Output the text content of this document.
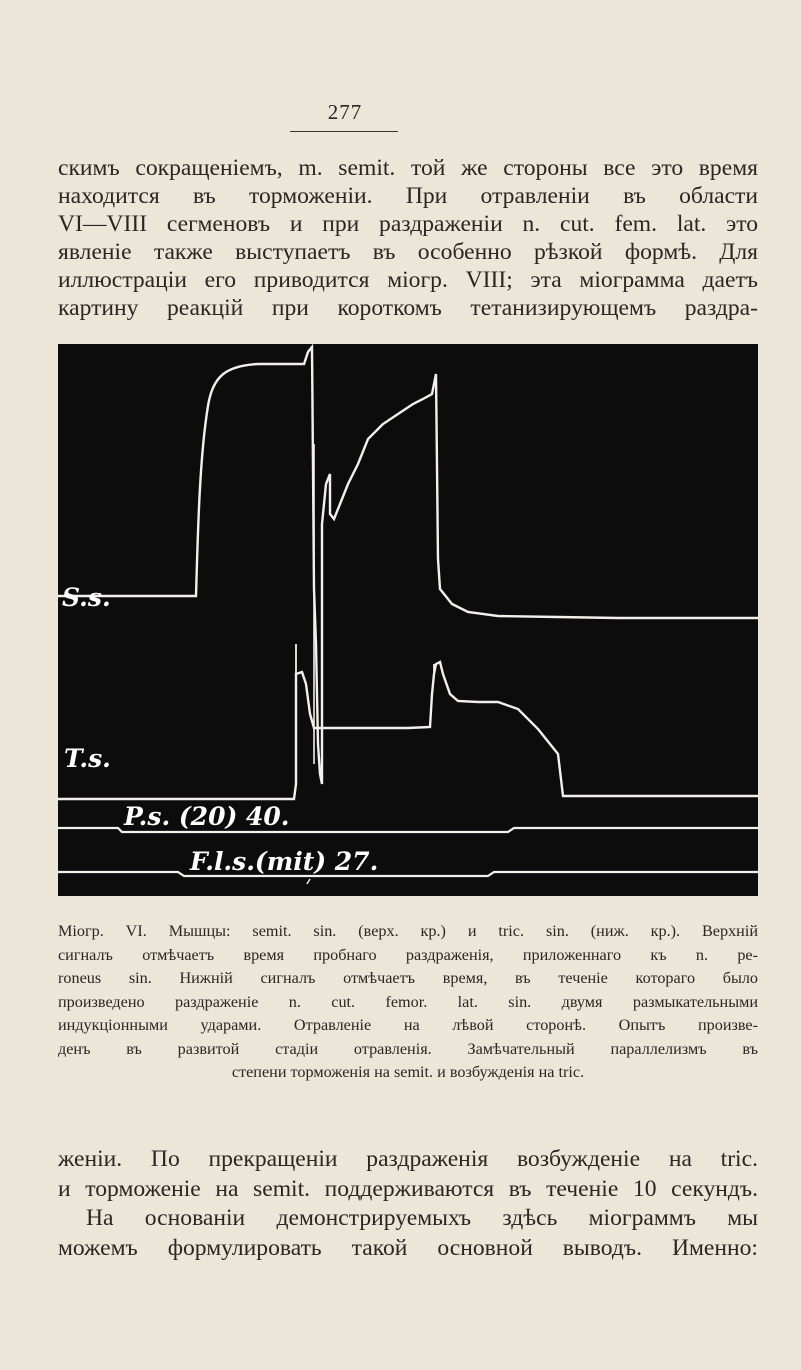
277

скимъ сокращеніемъ, m. semit. той же стороны все это время
находится въ торможеніи. При отравленіи въ области
VI—VIII сегменовъ и при раздраженіи n. cut. fem. lat. это
явленіе также выступаетъ въ особенно рѣзкой формѣ. Для
иллюстраціи его приводится міогр. VIII; эта міограмма даетъ
картину реакцій при короткомъ тетанизирующемъ раздра-

S.s.
T.s.
P.s. (20) 40.
F.l.s.(mit) 27.

Міогр. VI. Мышцы: semit. sin. (верх. кр.) и tric. sin. (ниж. кр.). Верхній
сигналъ отмѣчаетъ время пробнаго раздраженія, приложеннаго къ n. pe-
roneus sin. Нижній сигналъ отмѣчаетъ время, въ теченіе котораго было
произведено раздраженіе n. cut. femor. lat. sin. двумя размыкательными
индукціонными ударами. Отравленіе на лѣвой сторонѣ. Опытъ произве-
денъ въ развитой стадіи отравленія. Замѣчательный параллелизмъ въ
степени торможенія на semit. и возбужденія на tric.

женіи. По прекращеніи раздраженія возбужденіе на tric.
и торможеніе на semit. поддерживаются въ теченіе 10 секундъ.
На основаніи демонстрируемыхъ здѣсь міограммъ мы
можемъ формулировать такой основной выводъ. Именно:
